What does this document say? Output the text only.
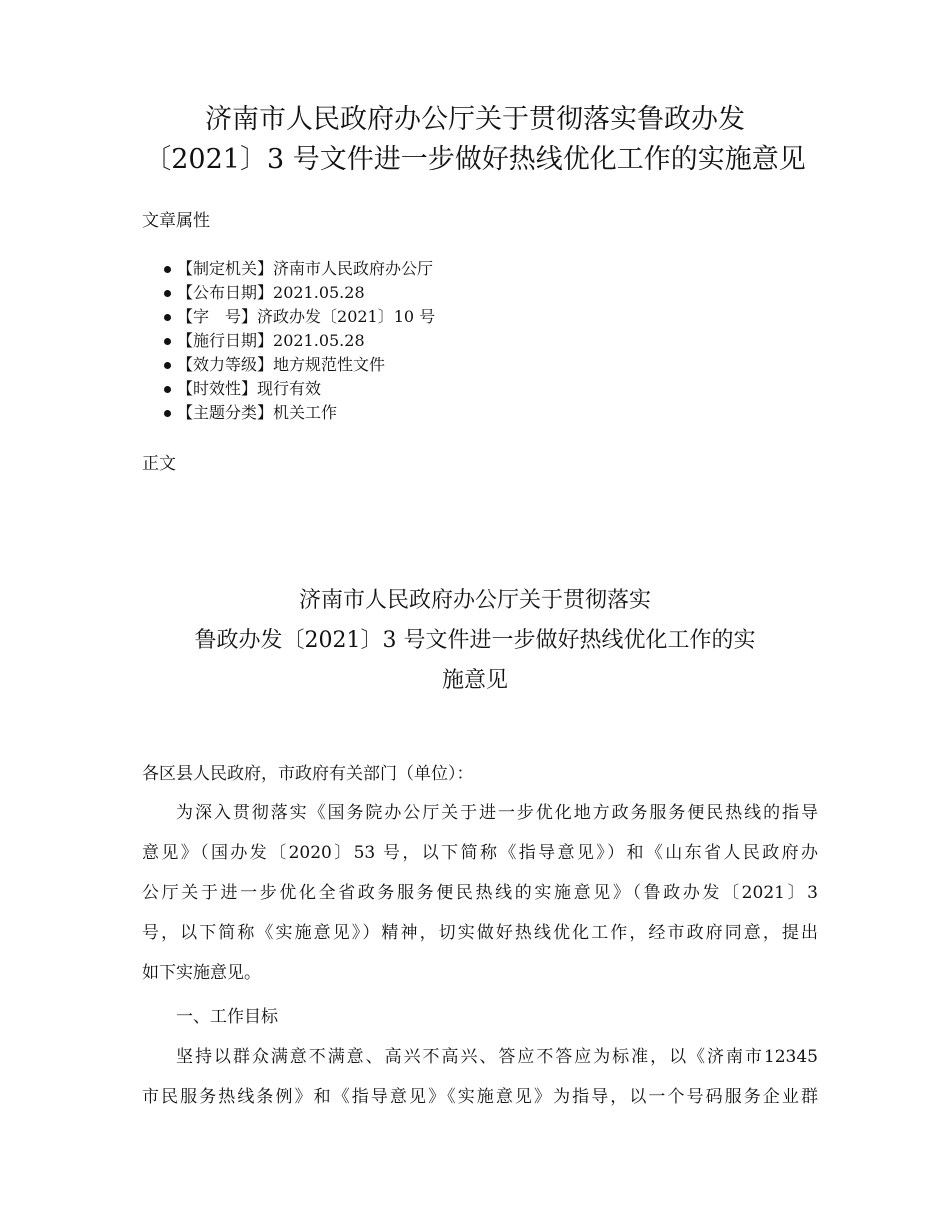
济南市人民政府办公厅关于贯彻落实鲁政办发
〔2021〕3 号文件进一步做好热线优化工作的实施意见

文章属性

【制定机关】济南市人民政府办公厅
【公布日期】2021.05.28
【字　号】济政办发〔2021〕10 号
【施行日期】2021.05.28
【效力等级】地方规范性文件
【时效性】现行有效
【主题分类】机关工作

正文

济南市人民政府办公厅关于贯彻落实
鲁政办发〔2021〕3 号文件进一步做好热线优化工作的实
施意见

各区县人民政府，市政府有关部门（单位）：

为深入贯彻落实《国务院办公厅关于进一步优化地方政务服务便民热线的指导
意见》（国办发〔2020〕53 号，以下简称《指导意见》）和《山东省人民政府办
公厅关于进一步优化全省政务服务便民热线的实施意见》（鲁政办发〔2021〕3
号，以下简称《实施意见》）精神，切实做好热线优化工作，经市政府同意，提出
如下实施意见。
一、工作目标
坚持以群众满意不满意、高兴不高兴、答应不答应为标准，以《济南市12345
市民服务热线条例》和《指导意见》《实施意见》为指导，以一个号码服务企业群
